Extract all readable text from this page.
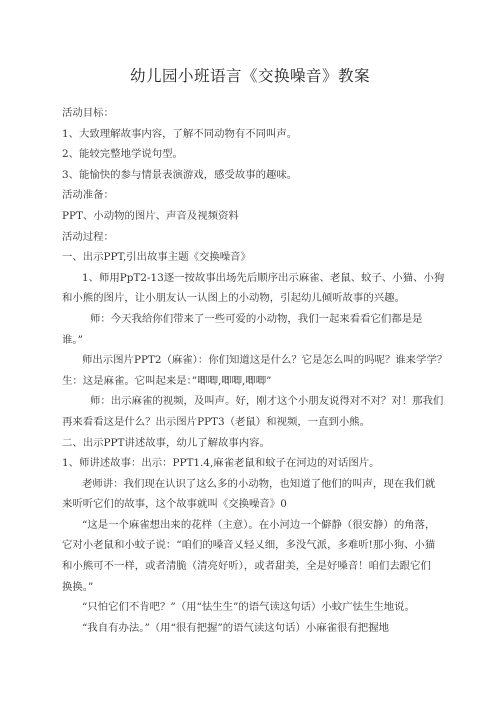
幼儿园小班语言《交换噪音》教案

活动目标：

1、大致理解故事内容，了解不同动物有不同叫声。

2、能较完整地学说句型。

3、能愉快的参与情景表演游戏，感受故事的趣味。

活动准备：

PPT、小动物的图片、声音及视频资料

活动过程：

一、出示PPT,引出故事主题《交换噪音》

1、师用PpT2-13逐一按故事出场先后顺序出示麻雀、老鼠、蚊子、小猫、小狗

和小熊的图片，让小朋友认一认图上的小动物，引起幼儿倾听故事的兴趣。

师：今天我给你们带来了一些可爱的小动物，我们一起来看看它们都是是

谁。”

师出示图片PPT2（麻雀）：你们知道这是什么？它是怎么叫的吗呢？谁来学学？

生：这是麻雀。它叫起来是：”唧唧,唧唧,唧唧”

师：出示麻雀的视频，及叫声。好，刚才这个小朋友说得对不对？对！那我们

再来看看这是什么？出示图片PPT3（老鼠）和视频，一直到小熊。

二、出示PPT讲述故事，幼儿了解故事内容。

1、师讲述故事：出示：PPT1.4,麻雀老鼠和蚊子在河边的对话图片。

老师讲：我们现在认识了这么多的小动物，也知道了他们的叫声，现在我们就

来听听它们的故事，这个故事就叫《交换噪音》0

“这是一个麻雀想出来的花样（主意）。在小河边一个僻静（很安静）的角落，

它对小老鼠和小蚊子说：“咱们的嗓音乂轻乂细，多没气派，多难听!那小狗、小猫

和小熊可不一样，或者清脆（清亮好听），或者甜美，全是好嗓音！咱们去跟它们

换换。”

“只怕它们不肯吧？”（用“怯生生”的语气读这句话）小蚊广怯生生地说。

“我自有办法。”（用“很有把握”的语气读这句话）小麻雀很有把握地
